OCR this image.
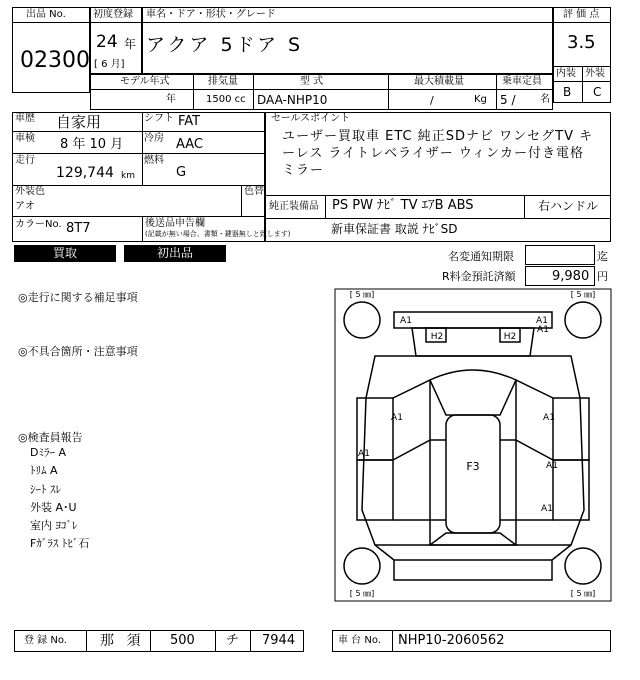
出品 No.
02300
初度登録
24 年
[ 6 月]
車名・ドア・形状・グレード
アクア 5ドア S
評 価 点
3.5
内装 外装
B C
モデル年式
年
排気量
1500 cc
型 式
DAA-NHP10
最大積載量
/	Kg
乗車定員
5 / 名
車歴 自家用
車検 8 年 10 月
走行
129,744 km
シフト FAT
冷房 AAC
燃料
G
外装色
アオ
色替
カラーNo. 8T7	後送品申告欄
(記載が無い場合、書類・鍵器無しと致します)
セールスポイント
ユーザー買取車 ETC 純正SDナビ ワンセグTV キーレス ライトレベライザー ウィンカー付き電格ミラー
純正装備品 PS PW ﾅﾋﾞ TV ｴｱB ABS	右ハンドル
新車保証書 取説 ﾅﾋﾞSD
買取	初出品	名変通知期限	迄
R料金預託済額	9,980 円
◎走行に関する補足事項
◎不具合箇所・注意事項
◎検査員報告
Dﾐﾗｰ A
ﾄﾘﾑ A
ｼｰﾄ ｽﾚ
外装 A･U
室内 ﾖｺﾞﾚ
Fｶﾞﾗｽ ﾄﾋﾞ石
[ 5 ㎜]	[ 5 ㎜]
[ 5 ㎜]	[ 5 ㎜]
A1	A1
H2	H2
A1	A1
A1
A1
F3
A1
A1
登 録 No. 那 須 500 チ 7944	車 台 No. NHP10-2060562
